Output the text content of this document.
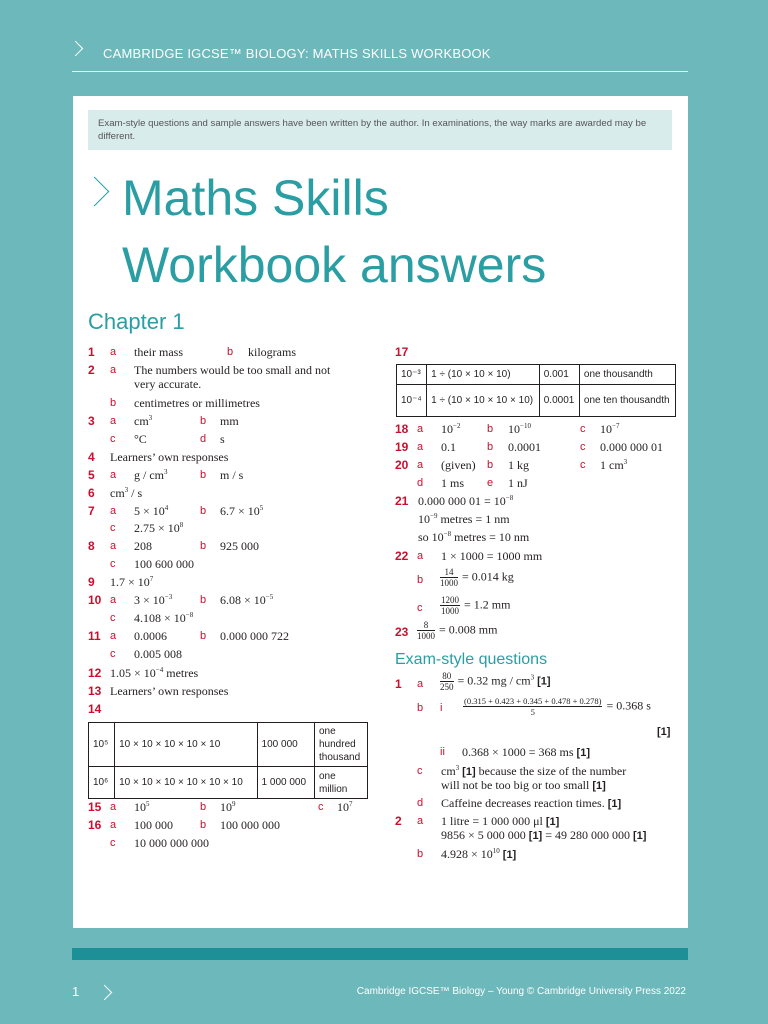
CAMBRIDGE IGCSE™ BIOLOGY: MATHS SKILLS WORKBOOK
Exam-style questions and sample answers have been written by the author. In examinations, the way marks are awarded may be different.
Maths Skills
Workbook answers
Chapter 1
1 a their mass	b kilograms
2 a The numbers would be too small and not
very accurate.
b centimetres or millimetres
3 a $cm^3$	b mm
c °C	d s
4 Learners’ own responses
5 a g / $cm^3$	b m / s
6 $cm^3$ / s
7 a $5 \times 10^4$	b $6.7 \times 10^5$
c $2.75 \times 10^8$
8 a 208	b 925 000
c 100 600 000
9 $1.7 \times 10^7$
10 a $3 \times 10^{-3}$	b $6.08 \times 10^{-5}$
c $4.108 \times 10^{-8}$
11 a 0.0006	b 0.000 000 722
c 0.005 008
12 $1.05 \times 10^{-4}$ metres
13 Learners’ own responses
14
10⁵	10 × 10 × 10 × 10 × 10	100 000	one hundred thousand
10⁶	10 × 10 × 10 × 10 × 10 × 10	1 000 000	one million
15 a $10^5$	b $10^9$	c $10^7$
16 a 100 000 b 100 000 000
c 10 000 000 000
17
10⁻³	1 ÷ (10 × 10 × 10)	0.001	one thousandth
10⁻⁴	1 ÷ (10 × 10 × 10 × 10)	0.0001	one ten thousandth
18 a $10^{-2}$ b $10^{-10}$	c $10^{-7}$
19 a 0.1	b 0.0001	c 0.000 000 01
20 a (given) b 1 kg	c 1 $cm^3$
d 1 ms e 1 nJ
21 0.000 000 $01 = 10^{-8}$
$10^{-9}$ metres = 1 nm
so $10^{-8}$ metres = 10 nm
22 a 1 × 1000 = 1000 mm
b $\frac{14}{1000} = 0.014$ kg
c $\frac{1200}{1000} = 1.2$ mm
$23 \frac{8}{1000} = 0.008$ mm
Exam-style questions
1 a $\frac{80}{250} = 0.32$ mg / $cm^3$ [1]
b i $\frac{(0.315 + 0.423 + 0.345 + 0.478 + 0.278)}{5} = 0.368$ s
[1]
ii 0.368 × 1000 = 368 ms [1]
c $cm^3$ [1] because the size of the number
will not be too big or too small [1]
d Caffeine decreases reaction times. [1]
2 a 1 litre = 1 000 000 μl [1]
9856 × 5 000 000 [1] = 49 280 000 000 [1]
b $4.928 \times 10^{10}$ [1]
1	Cambridge IGCSE™ Biology – Young © Cambridge University Press 2022
